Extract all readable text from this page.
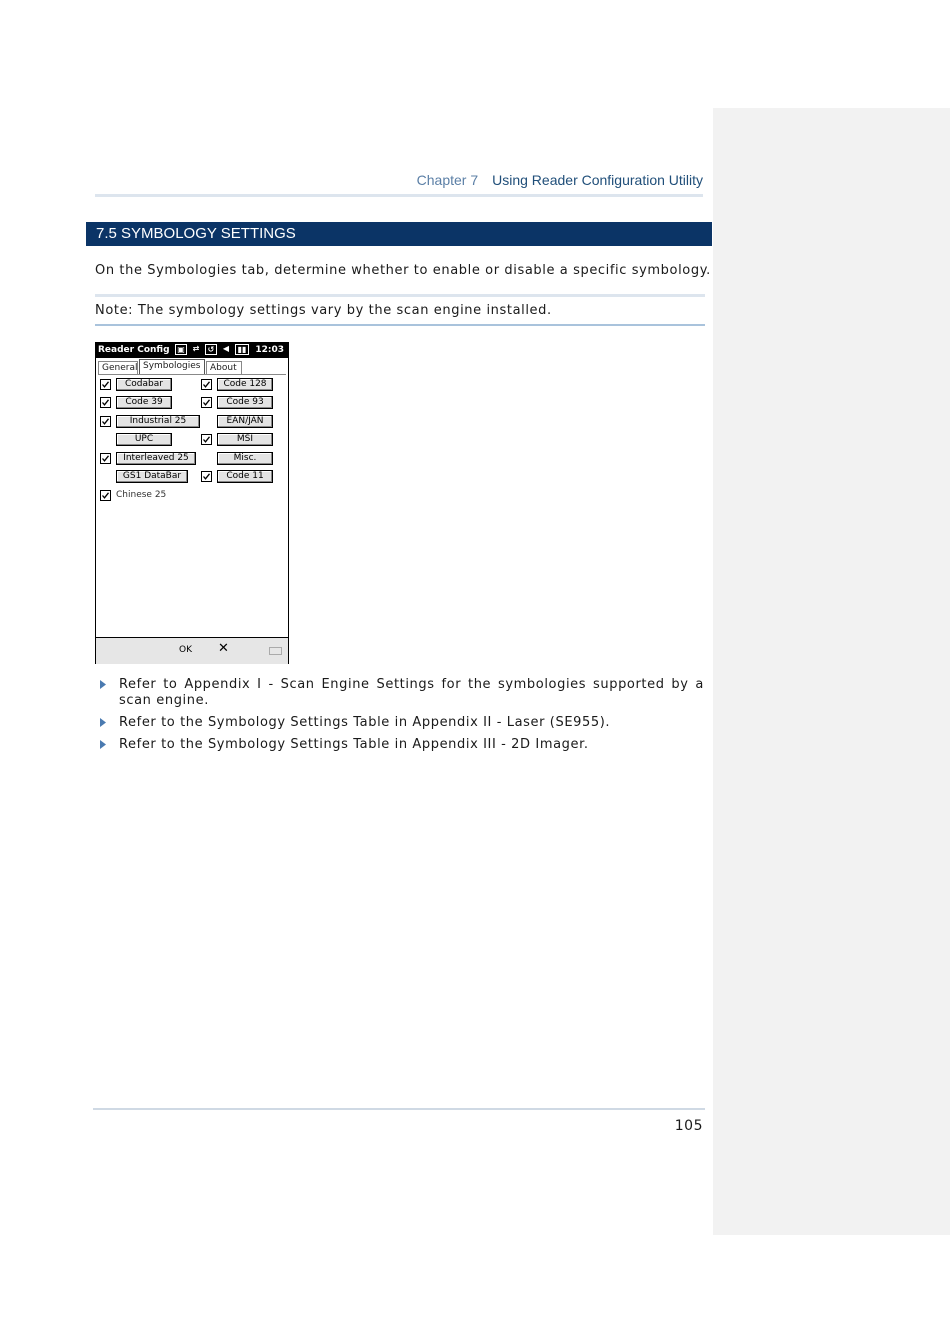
Chapter 7 Using Reader Configuration Utility
7.5 SYMBOLOGY SETTINGS
On the Symbologies tab, determine whether to enable or disable a specific symbology.
Note: The symbology settings vary by the scan engine installed.
Reader Config ▣ ⇄	↺	◀	▮▮ 12:03
General Symbologies	About
Codabar
Code 39
Industrial 25
UPC
Interleaved 25
GS1 DataBar
Chinese 25
Code 128
Code 93
EAN/JAN
MSI
Misc.
Code 11
OK ✕
Refer to Appendix I - Scan Engine Settings for the symbologies supported by a scan engine.
Refer to the Symbology Settings Table in Appendix II - Laser (SE955).
Refer to the Symbology Settings Table in Appendix III - 2D Imager.
105
